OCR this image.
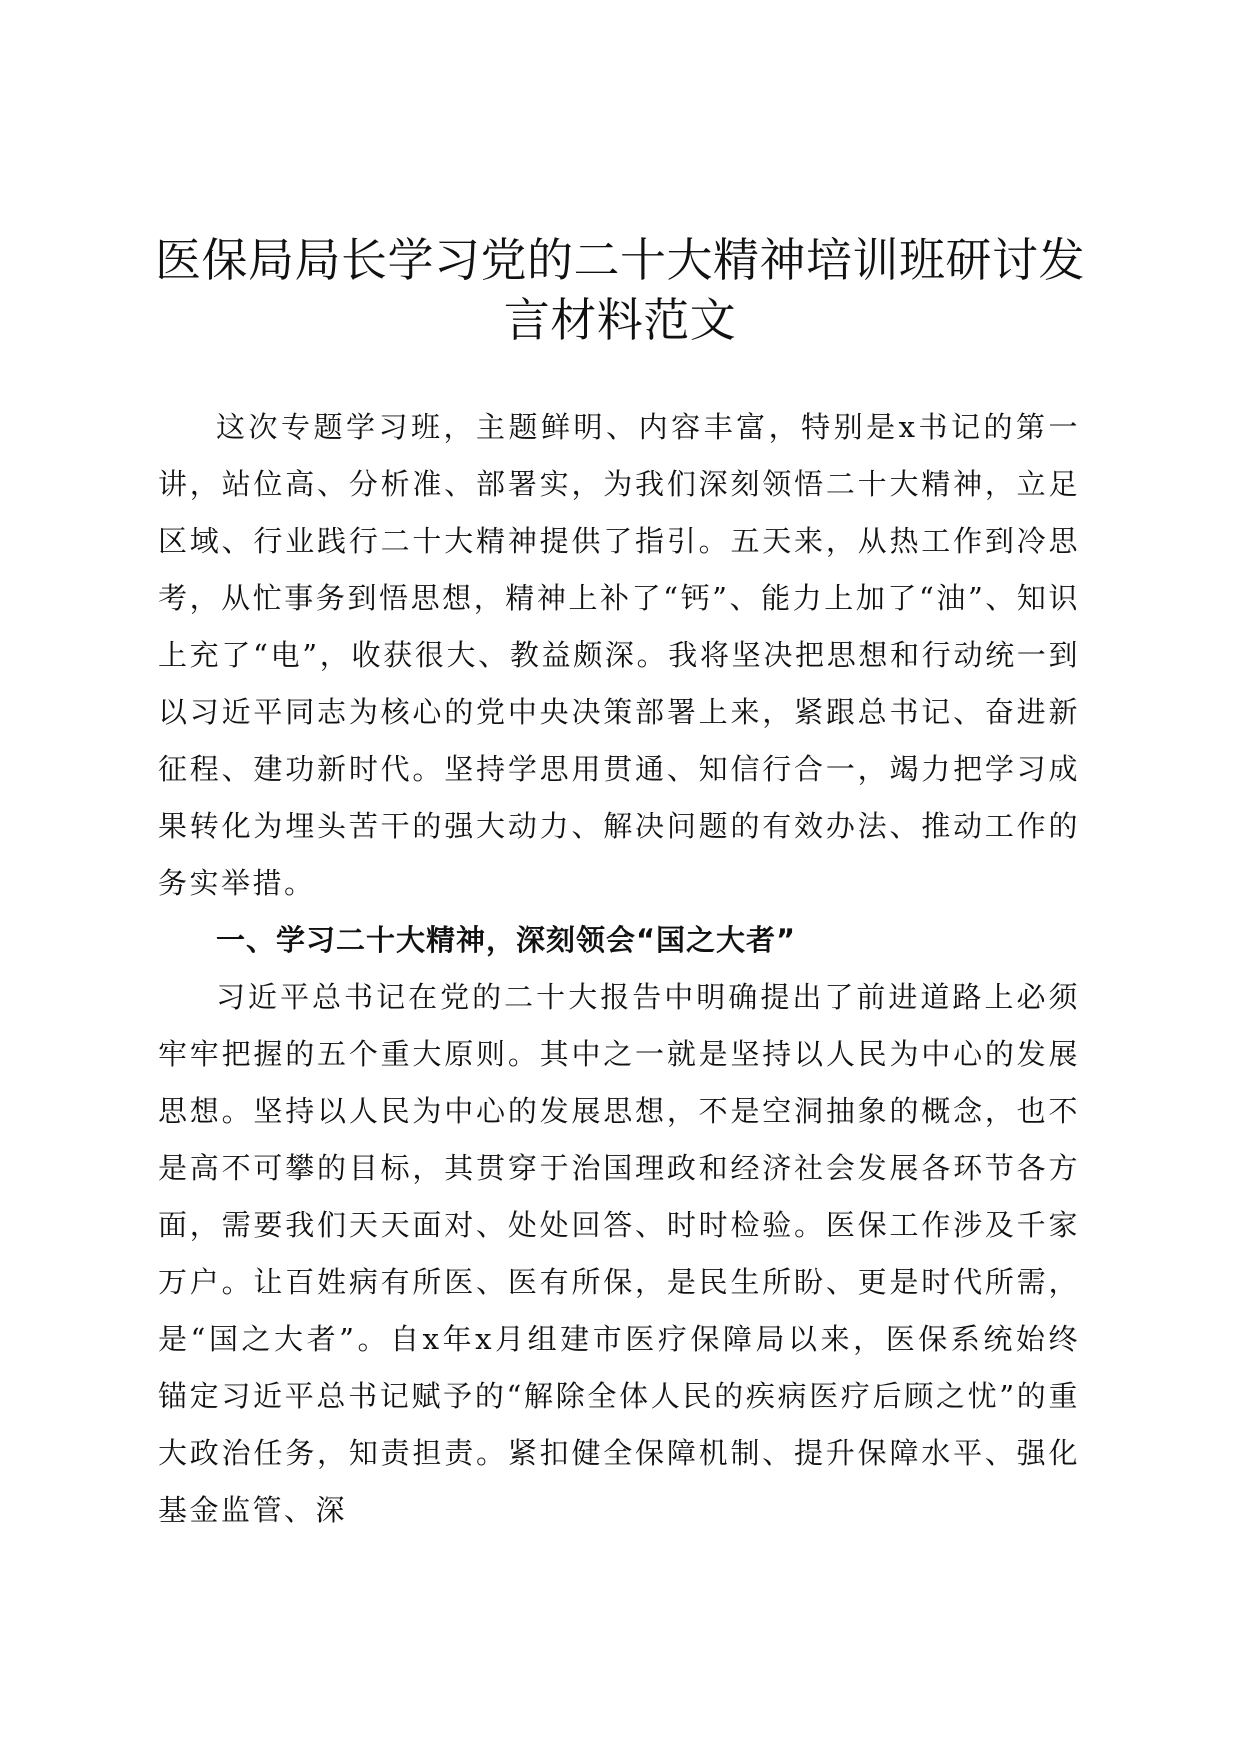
医保局局长学习党的二十大精神培训班研讨发言材料范文

这次专题学习班，主题鲜明、内容丰富，特别是x书记的第一讲，站位高、分析准、部署实，为我们深刻领悟二十大精神，立足区域、行业践行二十大精神提供了指引。五天来，从热工作到冷思考，从忙事务到悟思想，精神上补了“钙”、能力上加了“油”、知识上充了“电”，收获很大、教益颇深。我将坚决把思想和行动统一到以习近平同志为核心的党中央决策部署上来，紧跟总书记、奋进新征程、建功新时代。坚持学思用贯通、知信行合一，竭力把学习成果转化为埋头苦干的强大动力、解决问题的有效办法、推动工作的务实举措。

一、学习二十大精神，深刻领会“国之大者”

习近平总书记在党的二十大报告中明确提出了前进道路上必须牢牢把握的五个重大原则。其中之一就是坚持以人民为中心的发展思想。坚持以人民为中心的发展思想，不是空洞抽象的概念，也不是高不可攀的目标，其贯穿于治国理政和经济社会发展各环节各方面，需要我们天天面对、处处回答、时时检验。医保工作涉及千家万户。让百姓病有所医、医有所保，是民生所盼、更是时代所需，是“国之大者”。自x年x月组建市医疗保障局以来，医保系统始终锚定习近平总书记赋予的“解除全体人民的疾病医疗后顾之忧”的重大政治任务，知责担责。紧扣健全保障机制、提升保障水平、强化基金监管、深
